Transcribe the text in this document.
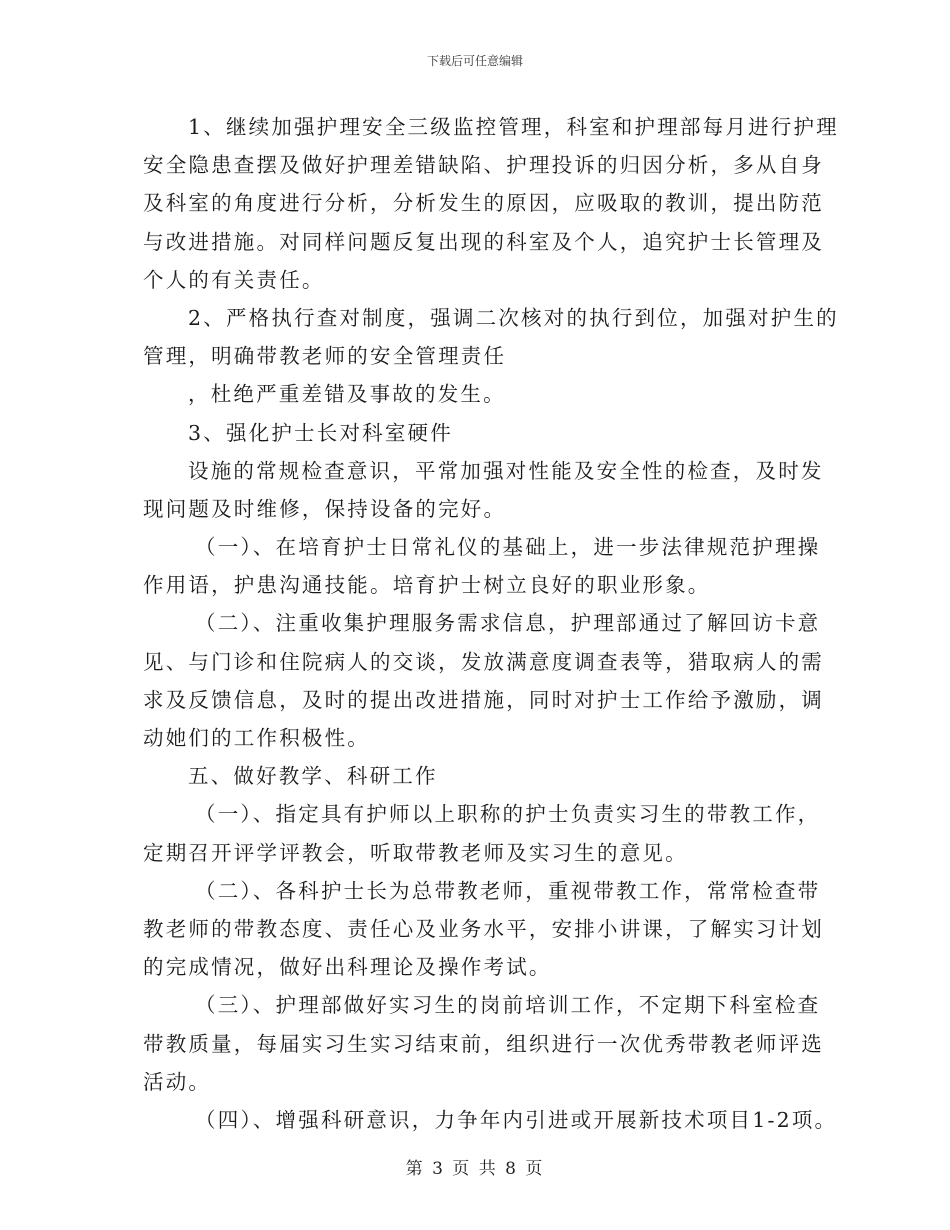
下载后可任意编辑
1、继续加强护理安全三级监控管理，科室和护理部每月进行护理
安全隐患查摆及做好护理差错缺陷、护理投诉的归因分析，多从自身
及科室的角度进行分析，分析发生的原因，应吸取的教训，提出防范
与改进措施。对同样问题反复出现的科室及个人，追究护士长管理及
个人的有关责任。
2、严格执行查对制度，强调二次核对的执行到位，加强对护生的
管理，明确带教老师的安全管理责任
，杜绝严重差错及事故的发生。
3、强化护士长对科室硬件
设施的常规检查意识，平常加强对性能及安全性的检查，及时发
现问题及时维修，保持设备的完好。
（一）、在培育护士日常礼仪的基础上，进一步法律规范护理操
作用语，护患沟通技能。培育护士树立良好的职业形象。
（二）、注重收集护理服务需求信息，护理部通过了解回访卡意
见、与门诊和住院病人的交谈，发放满意度调查表等，猎取病人的需
求及反馈信息，及时的提出改进措施，同时对护士工作给予激励，调
动她们的工作积极性。
五、做好教学、科研工作
（一）、指定具有护师以上职称的护士负责实习生的带教工作，
定期召开评学评教会，听取带教老师及实习生的意见。
（二）、各科护士长为总带教老师，重视带教工作，常常检查带
教老师的带教态度、责任心及业务水平，安排小讲课，了解实习计划
的完成情况，做好出科理论及操作考试。
（三）、护理部做好实习生的岗前培训工作，不定期下科室检查
带教质量，每届实习生实习结束前，组织进行一次优秀带教老师评选
活动。
（四）、增强科研意识，力争年内引进或开展新技术项目1-2项。
第 3 页 共 8 页
